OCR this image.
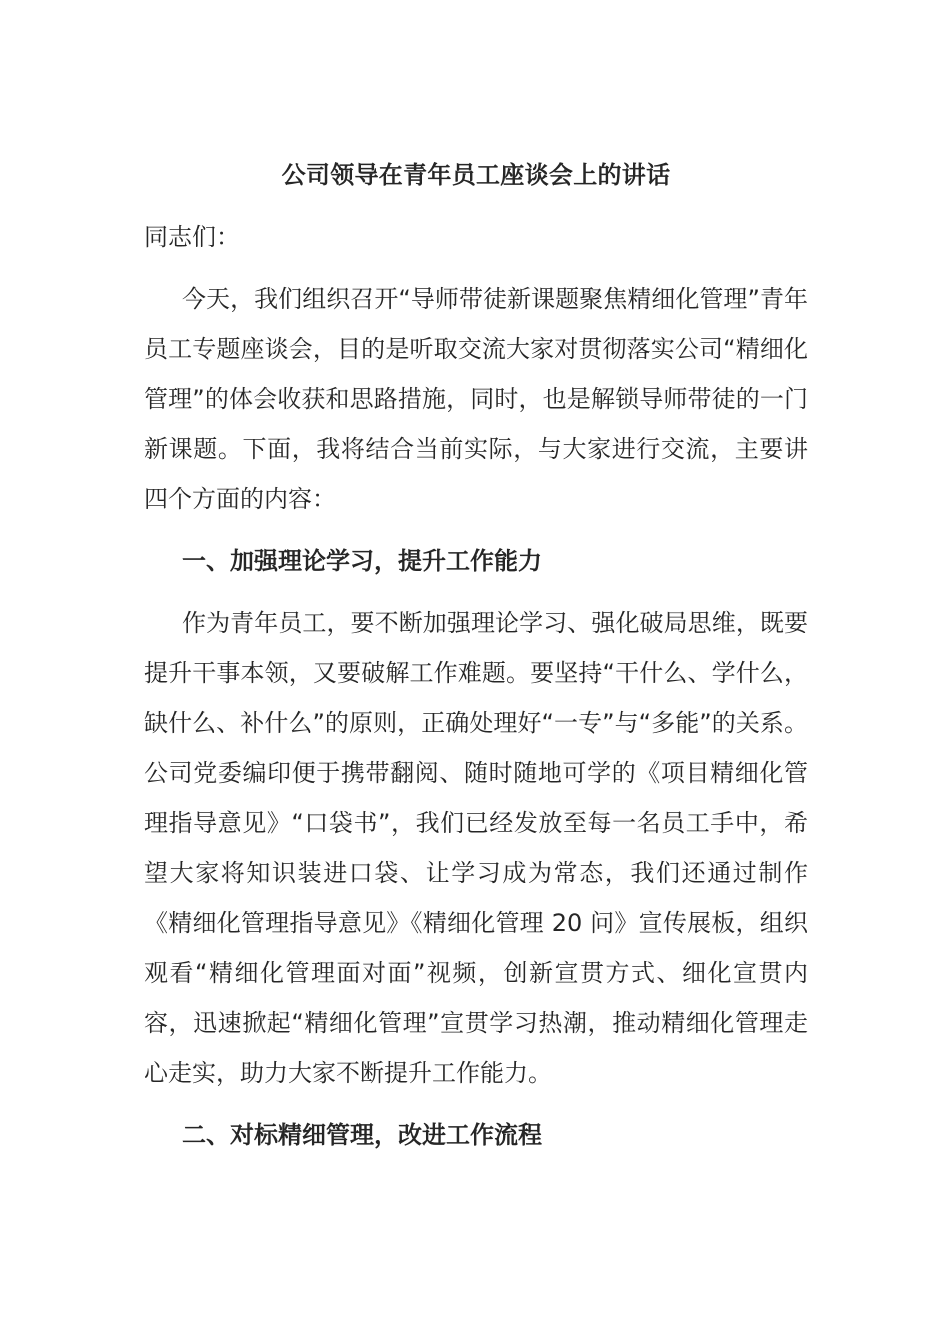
公司领导在青年员工座谈会上的讲话

同志们：

今天，我们组织召开“导师带徒新课题聚焦精细化管理”青年员工专题座谈会，目的是听取交流大家对贯彻落实公司“精细化管理”的体会收获和思路措施，同时，也是解锁导师带徒的一门新课题。下面，我将结合当前实际，与大家进行交流，主要讲四个方面的内容：

一、加强理论学习，提升工作能力

作为青年员工，要不断加强理论学习、强化破局思维，既要提升干事本领，又要破解工作难题。要坚持“干什么、学什么，缺什么、补什么”的原则，正确处理好“一专”与“多能”的关系。公司党委编印便于携带翻阅、随时随地可学的《项目精细化管理指导意见》“口袋书”，我们已经发放至每一名员工手中，希望大家将知识装进口袋、让学习成为常态，我们还通过制作《精细化管理指导意见》《精细化管理 20 问》宣传展板，组织观看“精细化管理面对面”视频，创新宣贯方式、细化宣贯内容，迅速掀起“精细化管理”宣贯学习热潮，推动精细化管理走心走实，助力大家不断提升工作能力。

二、对标精细管理，改进工作流程
